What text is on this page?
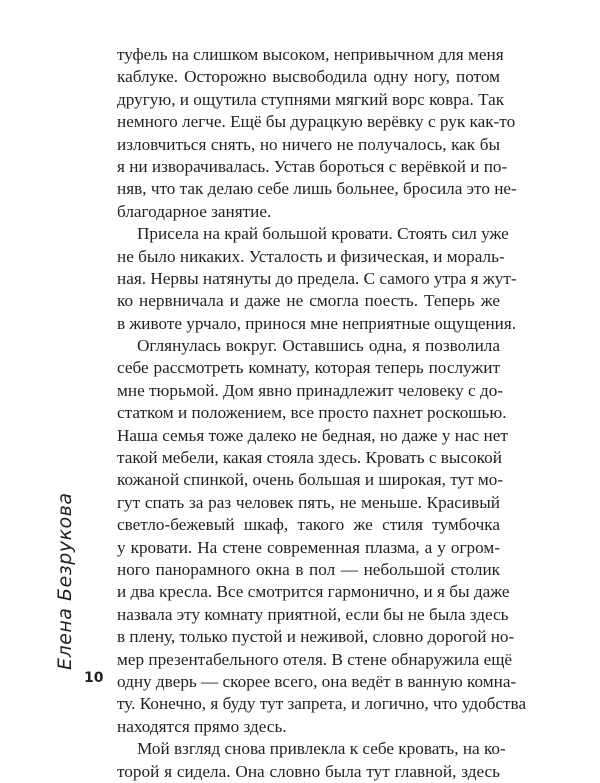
туфель на слишком высоком, непривычном для меня
каблуке. Осторожно высвободила одну ногу, потом
другую, и ощутила ступнями мягкий ворс ковра. Так
немного легче. Ещё бы дурацкую верёвку с рук как-то
изловчиться снять, но ничего не получалось, как бы
я ни изворачивалась. Устав бороться с верёвкой и по-
няв, что так делаю себе лишь больнее, бросила это не-
благодарное занятие.
Присела на край большой кровати. Стоять сил уже
не было никаких. Усталость и физическая, и мораль-
ная. Нервы натянуты до предела. С самого утра я жут-
ко нервничала и даже не смогла поесть. Теперь же
в животе урчало, принося мне неприятные ощущения.
Оглянулась вокруг. Оставшись одна, я позволила
себе рассмотреть комнату, которая теперь послужит
мне тюрьмой. Дом явно принадлежит человеку с до-
статком и положением, все просто пахнет роскошью.
Наша семья тоже далеко не бедная, но даже у нас нет
такой мебели, какая стояла здесь. Кровать с высокой
кожаной спинкой, очень большая и широкая, тут мо-
гут спать за раз человек пять, не меньше. Красивый
светло-бежевый шкаф, такого же стиля тумбочка
у кровати. На стене современная плазма, а у огром-
ного панорамного окна в пол — небольшой столик
и два кресла. Все смотрится гармонично, и я бы даже
назвала эту комнату приятной, если бы не была здесь
в плену, только пустой и неживой, словно дорогой но-
мер презентабельного отеля. В стене обнаружила ещё
одну дверь — скорее всего, она ведёт в ванную комна-
ту. Конечно, я буду тут запрета, и логично, что удобства
находятся прямо здесь.
Мой взгляд снова привлекла к себе кровать, на ко-
торой я сидела. Она словно была тут главной, здесь
Елена Безрукова
10
